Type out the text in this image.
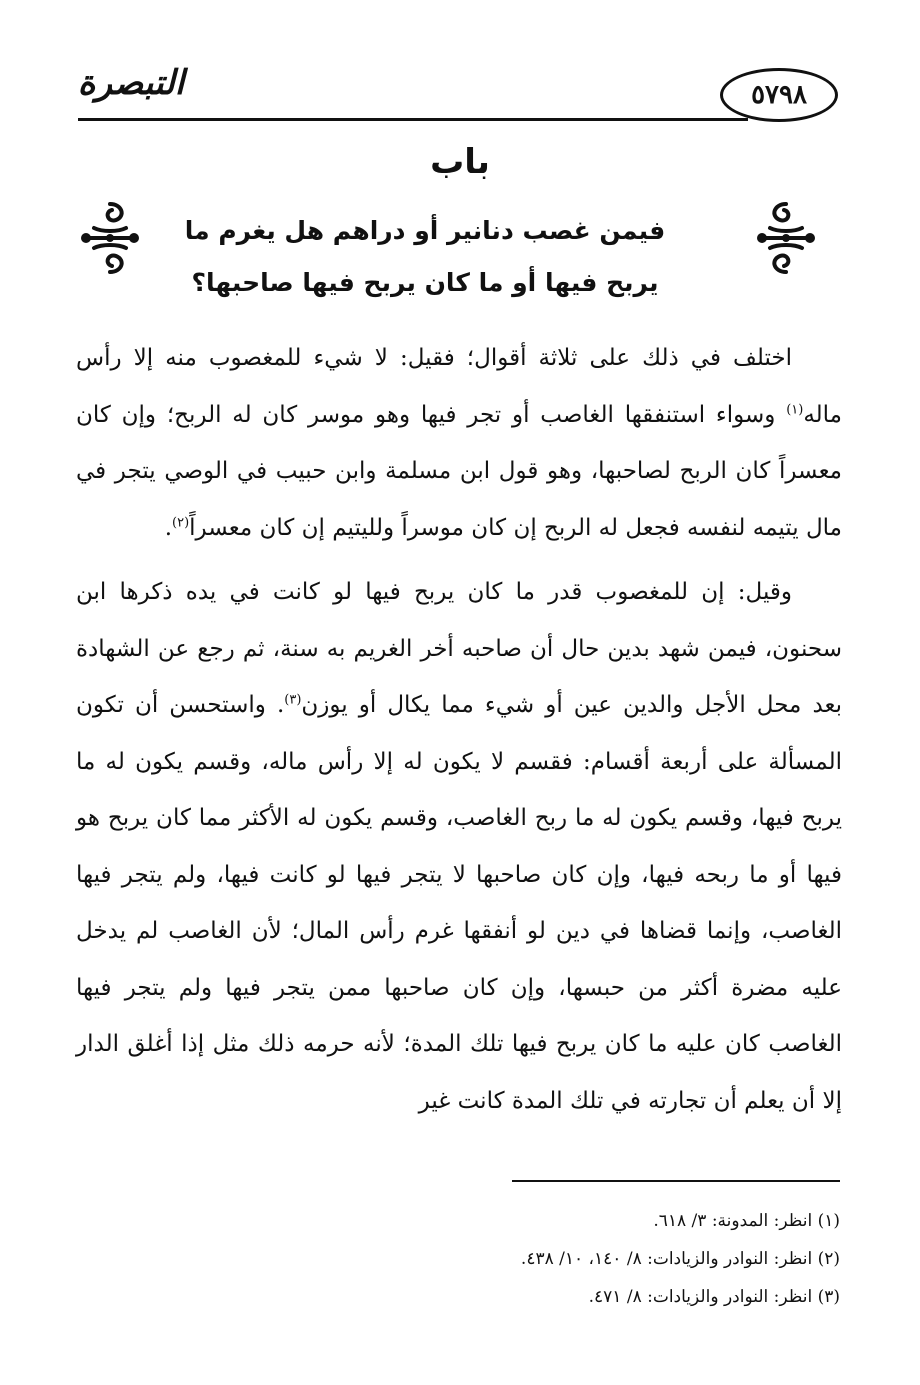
التبصرة	٥٧٩٨
باب
فيمن غصب دنانير أو دراهم هل يغرم ما
يربح فيها أو ما كان يربح فيها صاحبها؟

اختلف في ذلك على ثلاثة أقوال؛ فقيل: لا شيء للمغصوب منه إلا رأس ماله$^{(١)}$ وسواء استنفقها الغاصب أو تجر فيها وهو موسر كان له الربح؛ وإن كان معسراً كان الربح لصاحبها، وهو قول ابن مسلمة وابن حبيب في الوصي يتجر في مال يتيمه لنفسه فجعل له الربح إن كان موسراً ولليتيم إن كان معسراً$^{(٢)}$.

وقيل: إن للمغصوب قدر ما كان يربح فيها لو كانت في يده ذكرها ابن سحنون، فيمن شهد بدين حال أن صاحبه أخر الغريم به سنة، ثم رجع عن الشهادة بعد محل الأجل والدين عين أو شيء مما يكال أو يوزن$^{(٣)}$. واستحسن أن تكون المسألة على أربعة أقسام: فقسم لا يكون له إلا رأس ماله، وقسم يكون له ما يربح فيها، وقسم يكون له ما ربح الغاصب، وقسم يكون له الأكثر مما كان يربح هو فيها أو ما ربحه فيها، وإن كان صاحبها لا يتجر فيها لو كانت فيها، ولم يتجر فيها الغاصب، وإنما قضاها في دين لو أنفقها غرم رأس المال؛ لأن الغاصب لم يدخل عليه مضرة أكثر من حبسها، وإن كان صاحبها ممن يتجر فيها ولم يتجر فيها الغاصب كان عليه ما كان يربح فيها تلك المدة؛ لأنه حرمه ذلك مثل إذا أغلق الدار إلا أن يعلم أن تجارته في تلك المدة كانت غير

(١) انظر: المدونة: ٣/ ٦١٨.
(٢) انظر: النوادر والزيادات: ٨/ ١٤٠، ١٠/ ٤٣٨.
(٣) انظر: النوادر والزيادات: ٨/ ٤٧١.
